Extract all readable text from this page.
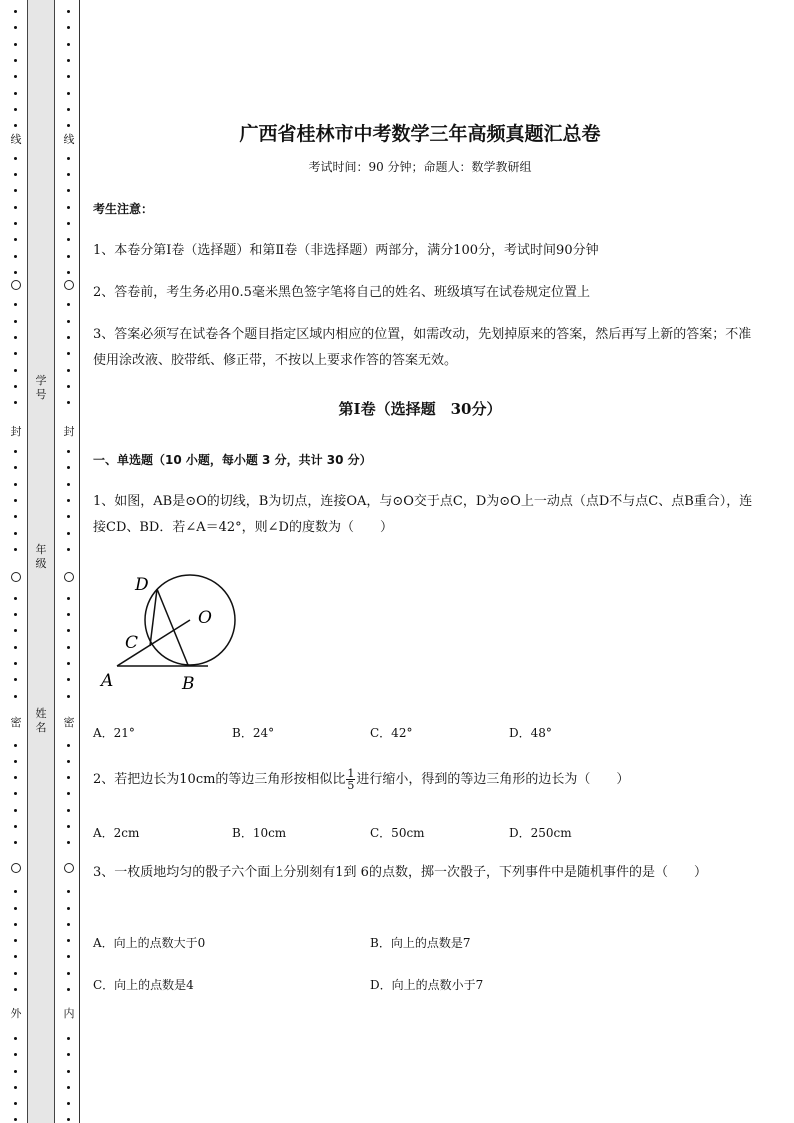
线
封
密
外
线
封
密
内
学号
年级
姓名
广西省桂林市中考数学三年高频真题汇总卷
考试时间：90 分钟；命题人：数学教研组
考生注意：
1、本卷分第Ⅰ卷（选择题）和第Ⅱ卷（非选择题）两部分，满分100分，考试时间90分钟
2、答卷前，考生务必用0.5毫米黑色签字笔将自己的姓名、班级填写在试卷规定位置上
3、答案必须写在试卷各个题目指定区域内相应的位置，如需改动，先划掉原来的答案，然后再写上新的答案；不准使用涂改液、胶带纸、修正带，不按以上要求作答的答案无效。
第Ⅰ卷（选择题　30分）
一、单选题（10 小题，每小题 3 分，共计 30 分）
1、如图，AB是⊙O的切线，B为切点，连接OA，与⊙O交于点C，D为⊙O上一动点（点D不与点C、点B重合），连接CD、BD．若∠A＝42°，则∠D的度数为（　　）
D
O
C
A	B
A．21°	B．24°	C．42°	D．48°
2、若把边长为10cm的等边三角形按相似比 $\frac{1}{5}$ 进行缩小，得到的等边三角形的边长为（　　）
A．2cm	B．10cm	C．50cm	D．250cm
3、一枚质地均匀的骰子六个面上分别刻有1到 6的点数，掷一次骰子，下列事件中是随机事件的是（　　）
A．向上的点数大于0	B．向上的点数是7
C．向上的点数是4	D．向上的点数小于7
